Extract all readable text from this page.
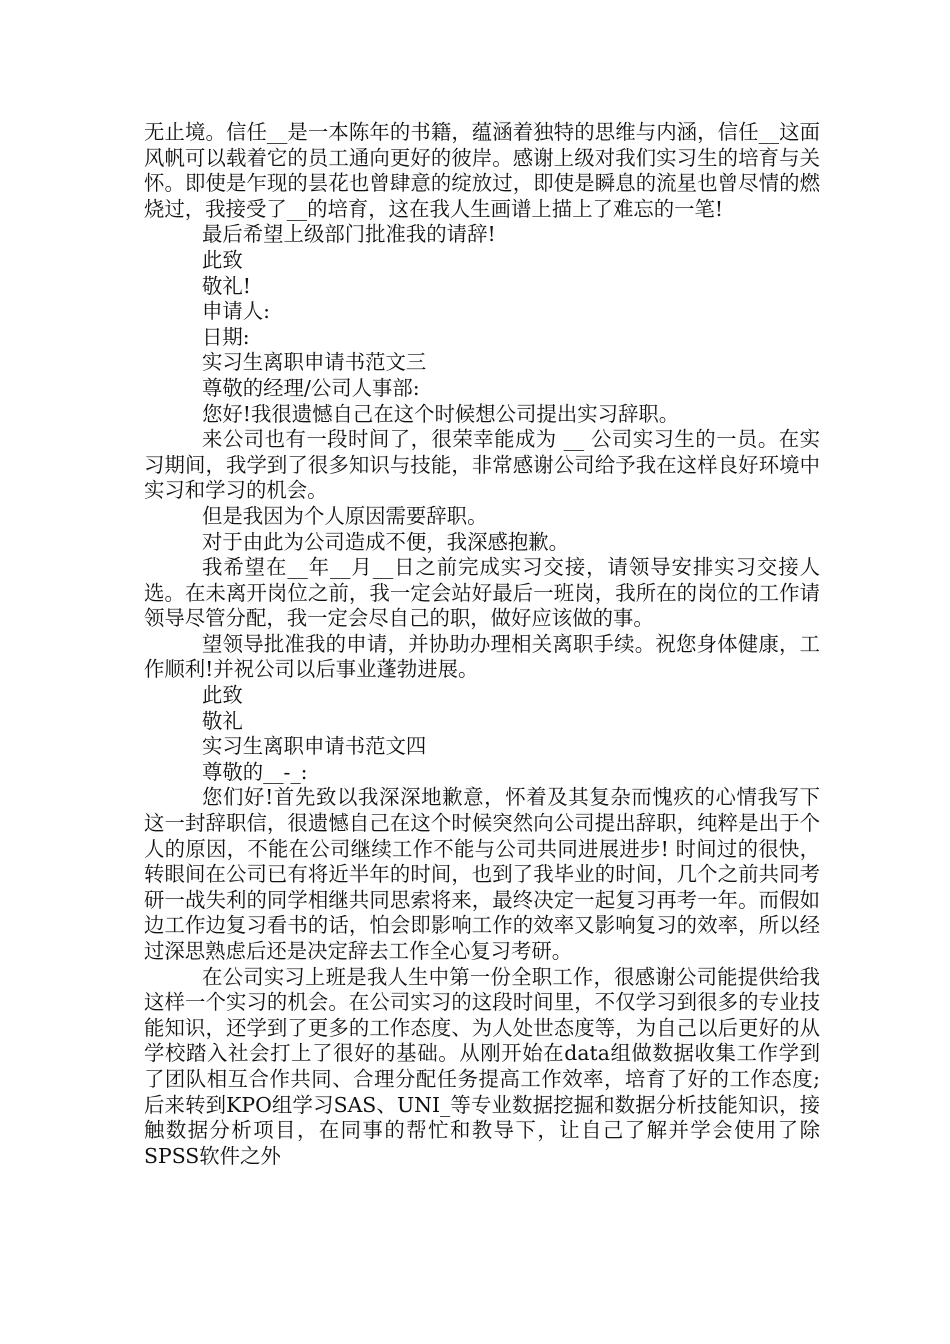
无止境。信任__是一本陈年的书籍，蕴涵着独特的思维与内涵，信任__这面风帆可以载着它的员工通向更好的彼岸。感谢上级对我们实习生的培育与关怀。即使是乍现的昙花也曾肆意的绽放过，即使是瞬息的流星也曾尽情的燃烧过，我接受了__的培育，这在我人生画谱上描上了难忘的一笔!

最后希望上级部门批准我的请辞!

此致

敬礼!

申请人:

日期:

实习生离职申请书范文三

尊敬的经理/公司人事部:

您好!我很遗憾自己在这个时候想公司提出实习辞职。

来公司也有一段时间了，很荣幸能成为 __ 公司实习生的一员。在实习期间，我学到了很多知识与技能，非常感谢公司给予我在这样良好环境中实习和学习的机会。

但是我因为个人原因需要辞职。

对于由此为公司造成不便，我深感抱歉。

我希望在__年__月__日之前完成实习交接，请领导安排实习交接人选。在未离开岗位之前，我一定会站好最后一班岗，我所在的岗位的工作请领导尽管分配，我一定会尽自己的职，做好应该做的事。

望领导批准我的申请，并协助办理相关离职手续。祝您身体健康，工作顺利!并祝公司以后事业蓬勃进展。

此致

敬礼

实习生离职申请书范文四

尊敬的__-_:

您们好!首先致以我深深地歉意，怀着及其复杂而愧疚的心情我写下这一封辞职信，很遗憾自己在这个时候突然向公司提出辞职，纯粹是出于个人的原因，不能在公司继续工作不能与公司共同进展进步! 时间过的很快，转眼间在公司已有将近半年的时间，也到了我毕业的时间，几个之前共同考研一战失利的同学相继共同思索将来，最终决定一起复习再考一年。而假如边工作边复习看书的话，怕会即影响工作的效率又影响复习的效率，所以经过深思熟虑后还是决定辞去工作全心复习考研。

在公司实习上班是我人生中第一份全职工作，很感谢公司能提供给我这样一个实习的机会。在公司实习的这段时间里，不仅学习到很多的专业技能知识，还学到了更多的工作态度、为人处世态度等，为自己以后更好的从学校踏入社会打上了很好的基础。从刚开始在data组做数据收集工作学到了团队相互合作共同、合理分配任务提高工作效率，培育了好的工作态度;后来转到KPO组学习SAS、UNI_等专业数据挖掘和数据分析技能知识，接触数据分析项目，在同事的帮忙和教导下，让自己了解并学会使用了除SPSS软件之外
